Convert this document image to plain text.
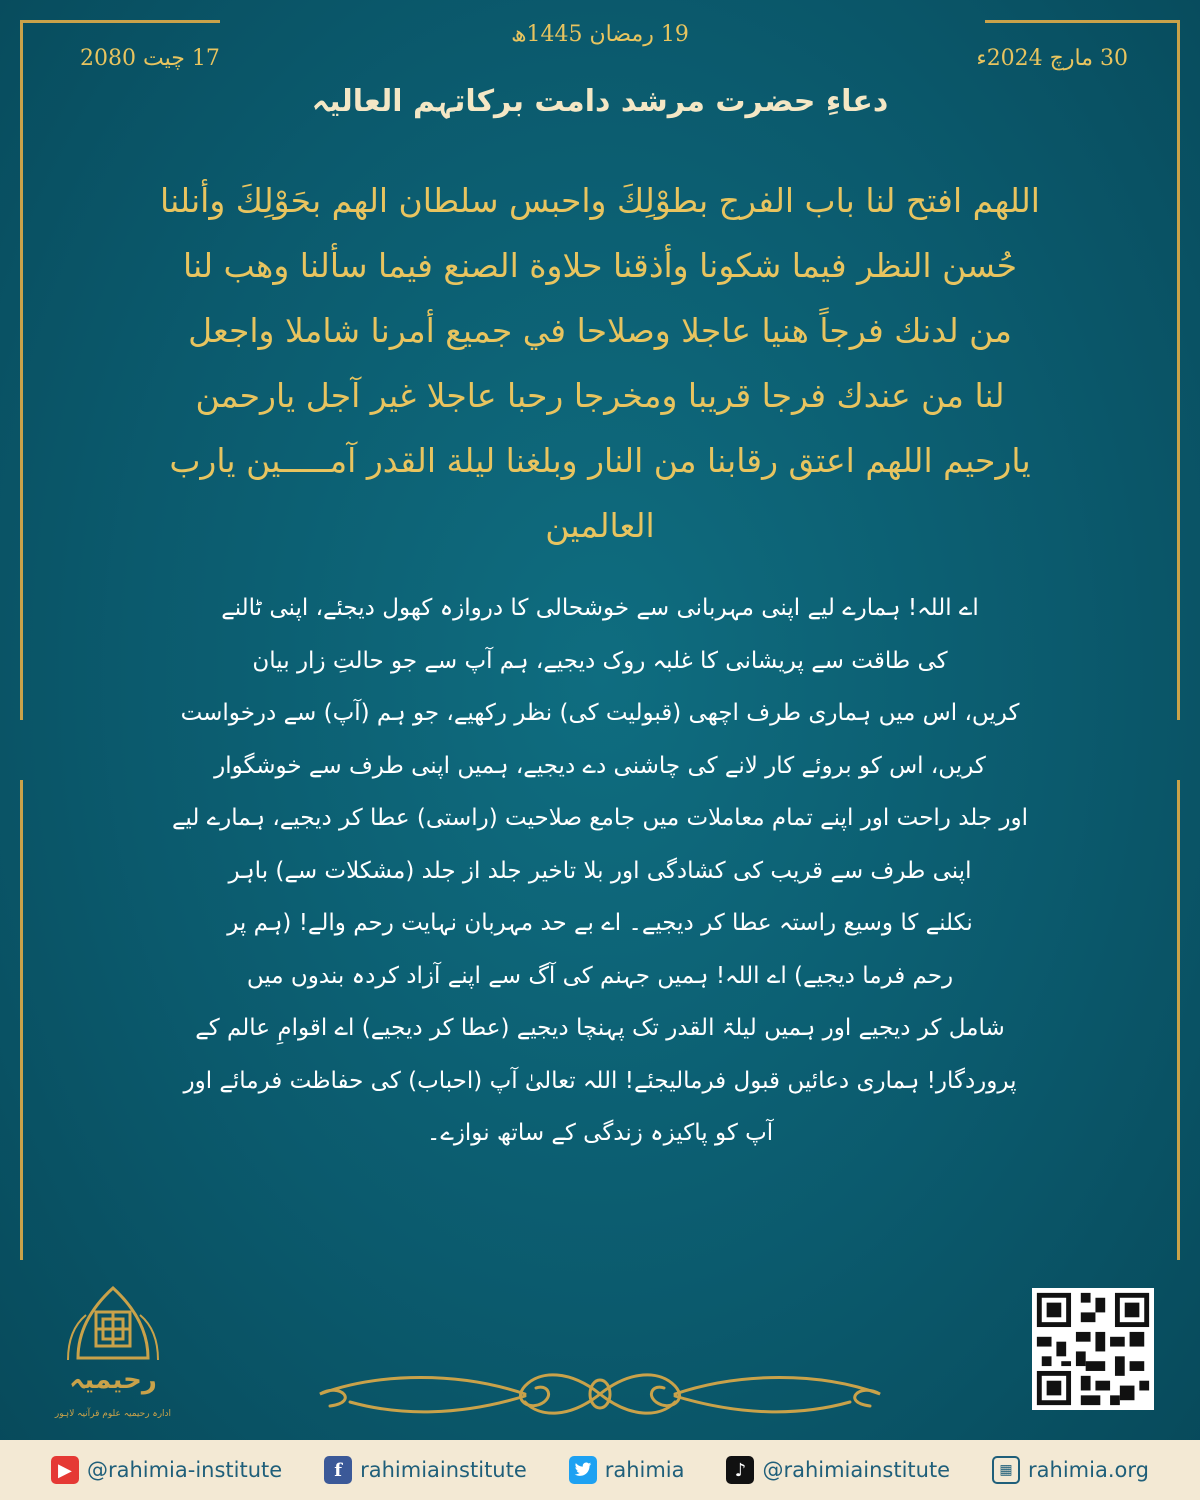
19 رمضان 1445ھ
30 مارچ 2024ء
17 چیت 2080
دعاءِ حضرت مرشد دامت برکاتہم العالیہ
اللهم افتح لنا باب الفرج بطوْلِكَ واحبس سلطان الهم بحَوْلِكَ وأنلنا
حُسن النظر فيما شكونا وأذقنا حلاوة الصنع فيما سألنا وهب لنا
من لدنك فرجاً هنيا عاجلا وصلاحا في جميع أمرنا شاملا واجعل
لنا من عندك فرجا قريبا ومخرجا رحبا عاجلا غير آجل يارحمن
يارحيم اللهم اعتق رقابنا من النار وبلغنا ليلة القدر آمـــــين يارب
العالمين
اے اللہ! ہمارے لیے اپنی مہربانی سے خوشحالی کا دروازہ کھول دیجئے، اپنی ٹالنے
کی طاقت سے پریشانی کا غلبہ روک دیجیے، ہم آپ سے جو حالتِ زار بیان
کریں، اس میں ہماری طرف اچھی (قبولیت کی) نظر رکھیے، جو ہم (آپ) سے درخواست
کریں، اس کو بروئے کار لانے کی چاشنی دے دیجیے، ہمیں اپنی طرف سے خوشگوار
اور جلد راحت اور اپنے تمام معاملات میں جامع صلاحیت (راستی) عطا کر دیجیے، ہمارے لیے
اپنی طرف سے قریب کی کشادگی اور بلا تاخیر جلد از جلد (مشکلات سے) باہر
نکلنے کا وسیع راستہ عطا کر دیجیے۔ اے بے حد مہربان نہایت رحم والے! (ہم پر
رحم فرما دیجیے) اے اللہ! ہمیں جہنم کی آگ سے اپنے آزاد کردہ بندوں میں
شامل کر دیجیے اور ہمیں لیلۃ القدر تک پہنچا دیجیے (عطا کر دیجیے) اے اقوامِ عالم کے
پروردگار! ہماری دعائیں قبول فرمالیجئے! اللہ تعالیٰ آپ (احباب) کی حفاظت فرمائے اور
آپ کو پاکیزہ زندگی کے ساتھ نوازے۔
رحیمیہ
ادارہ رحیمیہ علوم قرآنیہ لاہور
▶ @rahimia-institute	f rahimiainstitute	rahimia	♪ @rahimiainstitute	▦ rahimia.org
